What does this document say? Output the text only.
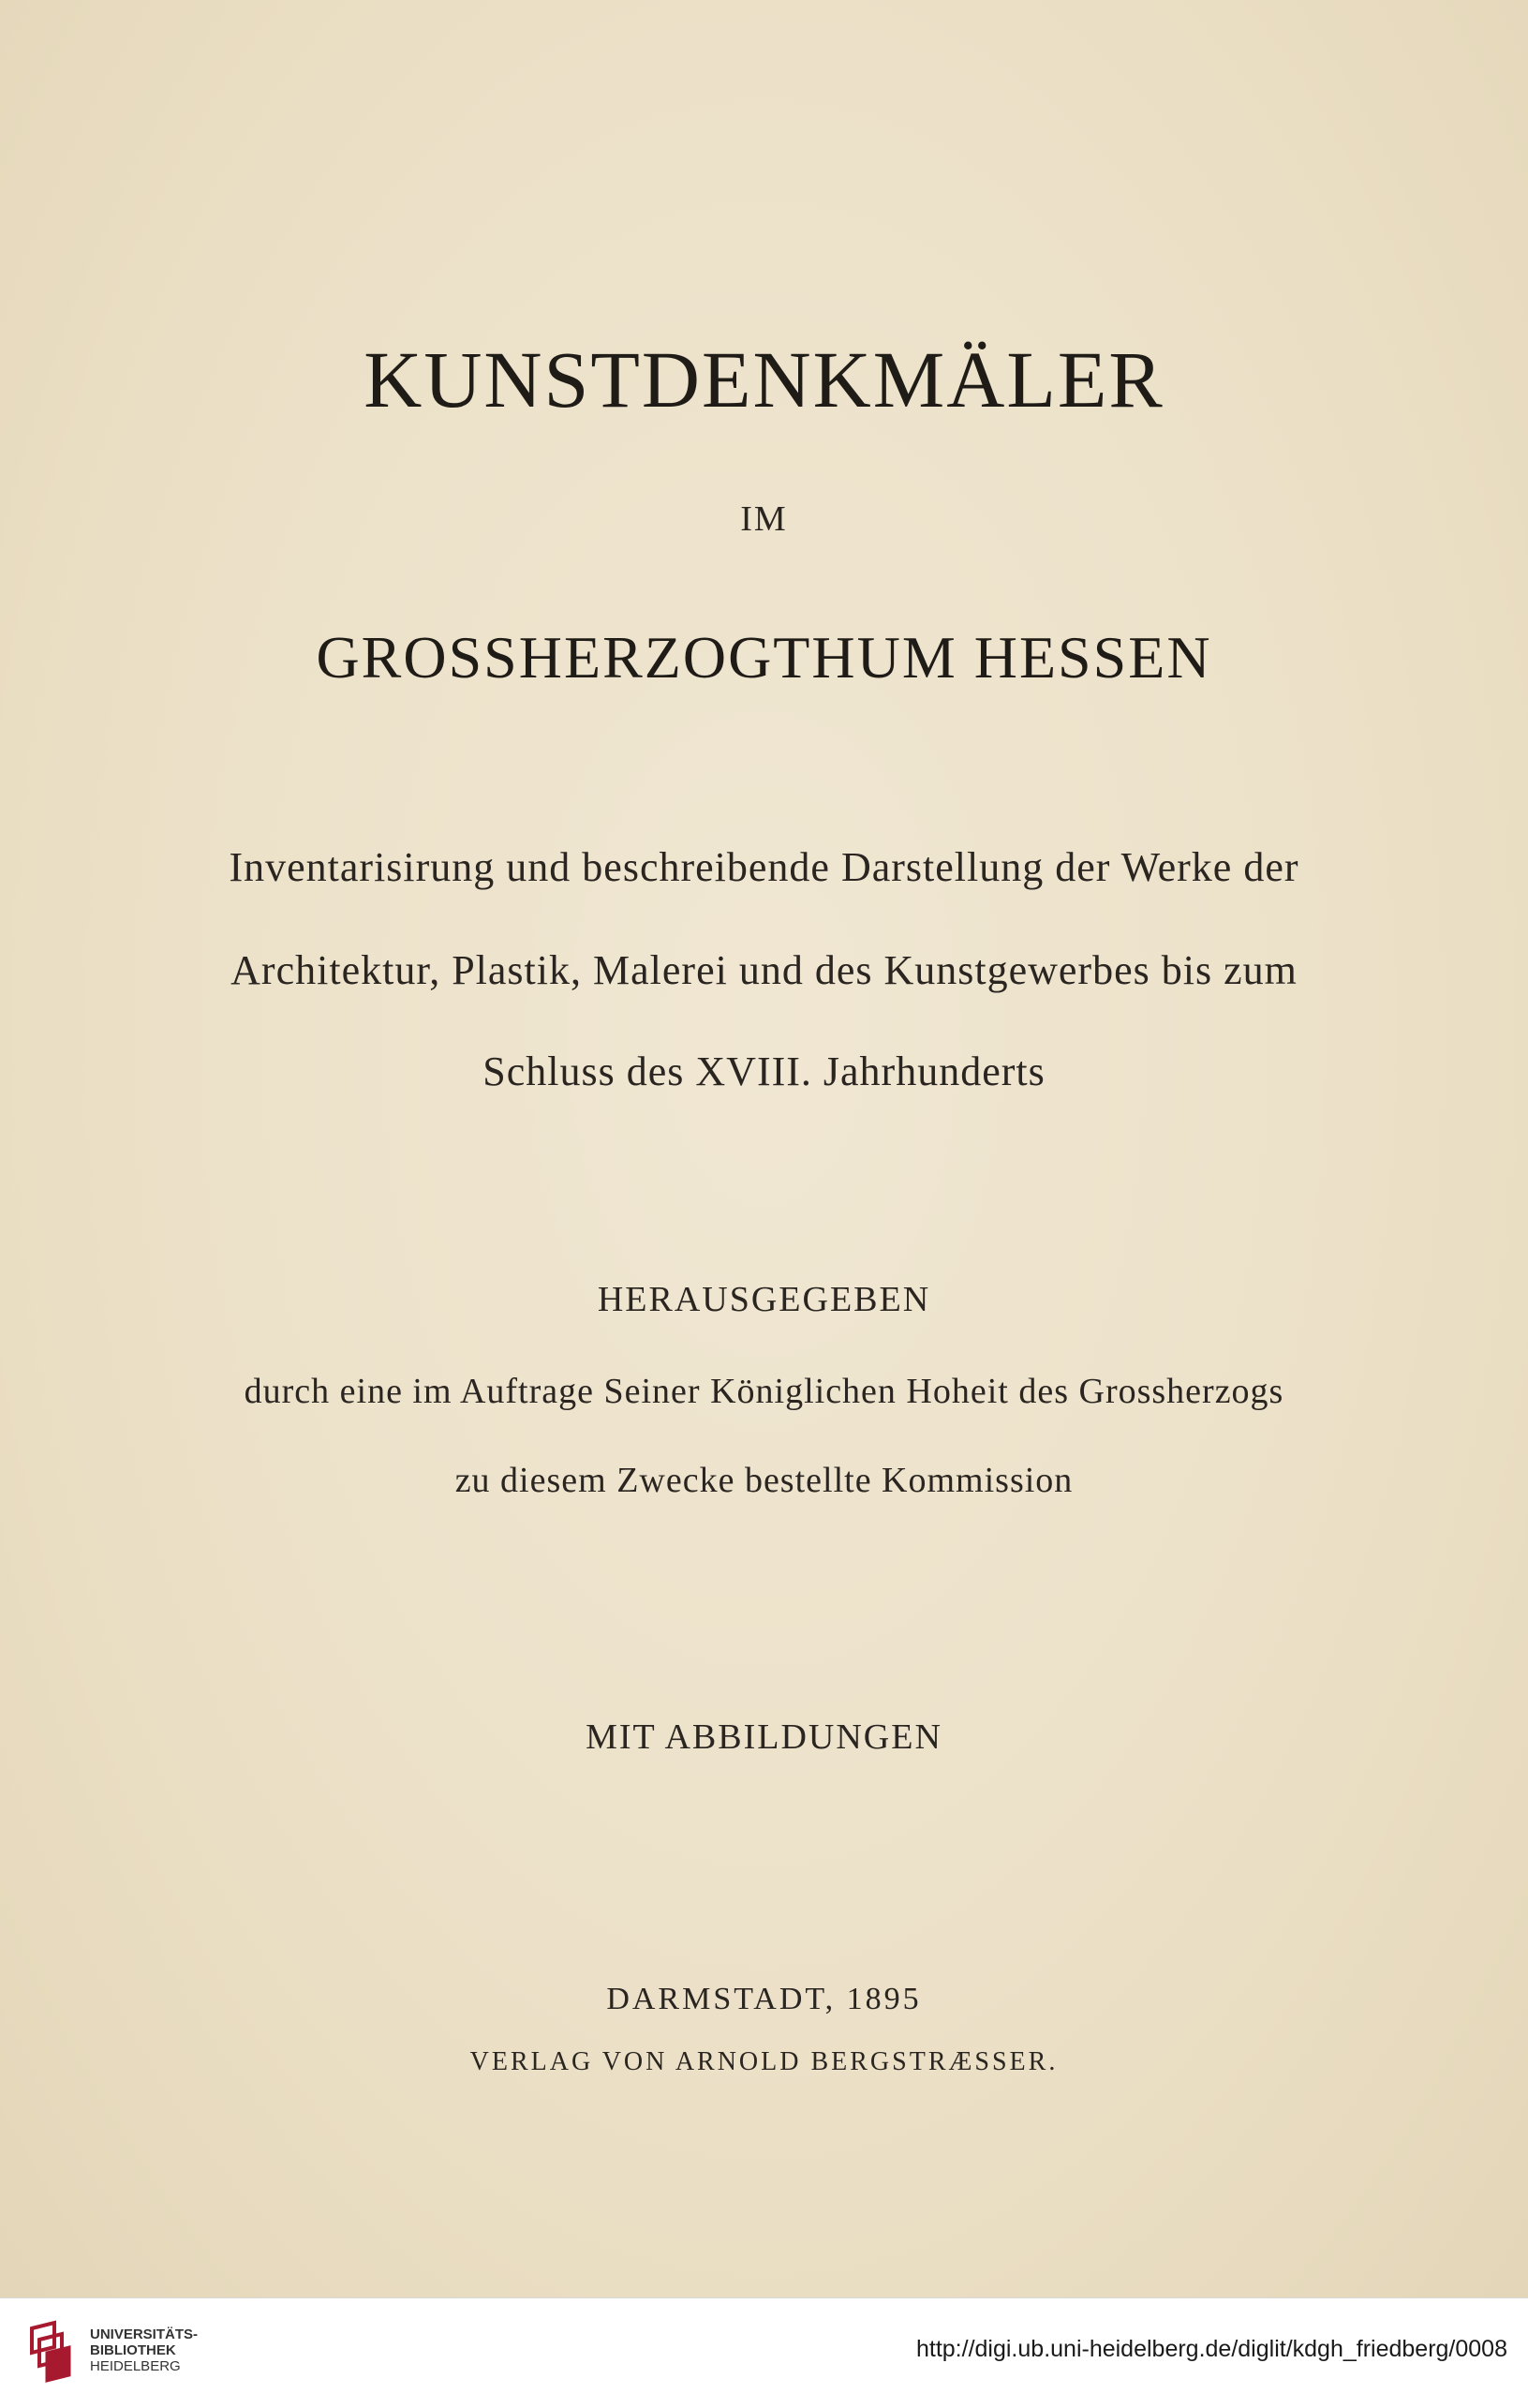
KUNSTDENKMÄLER
IM
GROSSHERZOGTHUM HESSEN
Inventarisirung und beschreibende Darstellung der Werke der
Architektur, Plastik, Malerei und des Kunstgewerbes bis zum
Schluss des XVIII. Jahrhunderts
HERAUSGEGEBEN
durch eine im Auftrage Seiner Königlichen Hoheit des Grossherzogs
zu diesem Zwecke bestellte Kommission
MIT ABBILDUNGEN
DARMSTADT, 1895
VERLAG VON ARNOLD BERGSTRÆSSER.
UNIVERSITÄTS-
BIBLIOTHEK
HEIDELBERG
http://digi.ub.uni-heidelberg.de/diglit/kdgh_friedberg/0008
